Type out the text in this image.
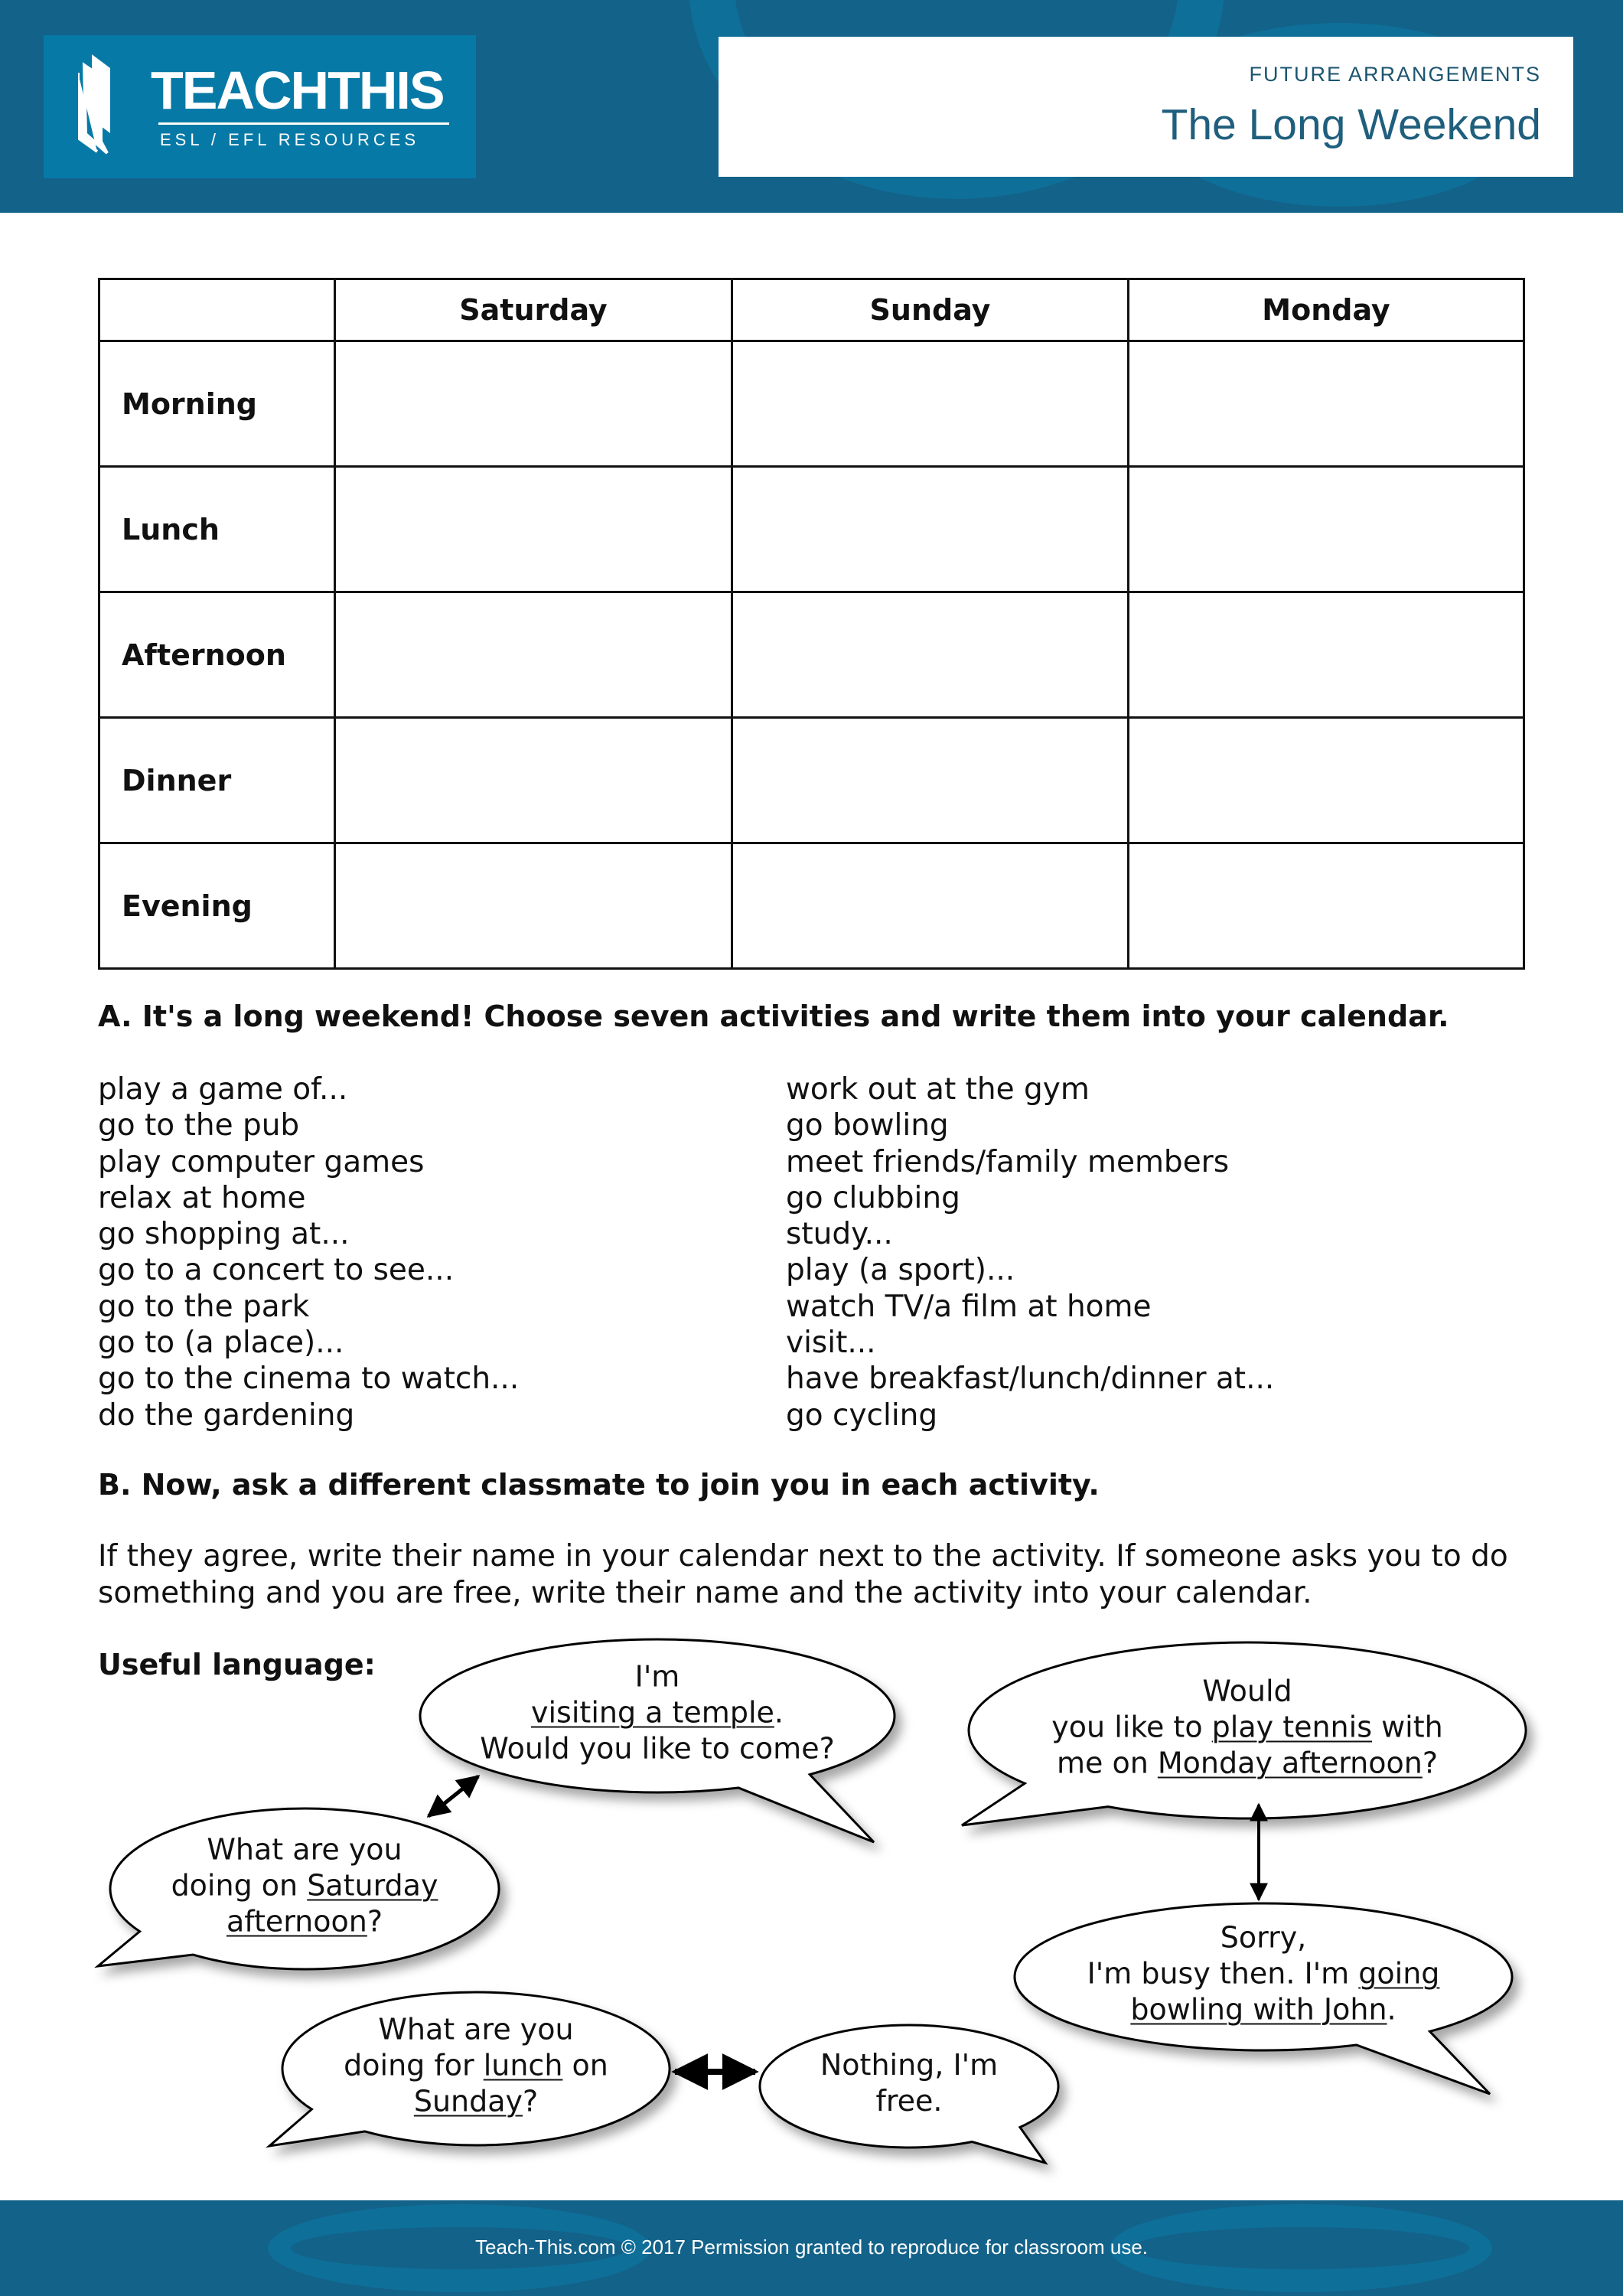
TEACHTHIS
ESL / EFL RESOURCES
FUTURE ARRANGEMENTS
The Long Weekend
	Saturday	Sunday	Monday
Morning			
Lunch			
Afternoon			
Dinner			
Evening			
A. It's a long weekend! Choose seven activities and write them into your calendar.
play a game of...
go to the pub
play computer games
relax at home
go shopping at...
go to a concert to see...
go to the park
go to (a place)...
go to the cinema to watch...
do the gardening
work out at the gym
go bowling
meet friends/family members
go clubbing
study...
play (a sport)...
watch TV/a film at home
visit...
have breakfast/lunch/dinner at...
go cycling
B. Now, ask a different classmate to join you in each activity.
If they agree, write their name in your calendar next to the activity. If someone asks you to do
something and you are free, write their name and the activity into your calendar.
Useful language:	I'm
visiting a temple.
Would you like to come?
Would
you like to play tennis with
me on Monday afternoon?
What are you
doing on Saturday
afternoon?	Sorry,
I'm busy then. I'm going
bowling with John.
What are you
doing for lunch on
Sunday?
Nothing, I'm
free.
Teach-This.com © 2017 Permission granted to reproduce for classroom use.
